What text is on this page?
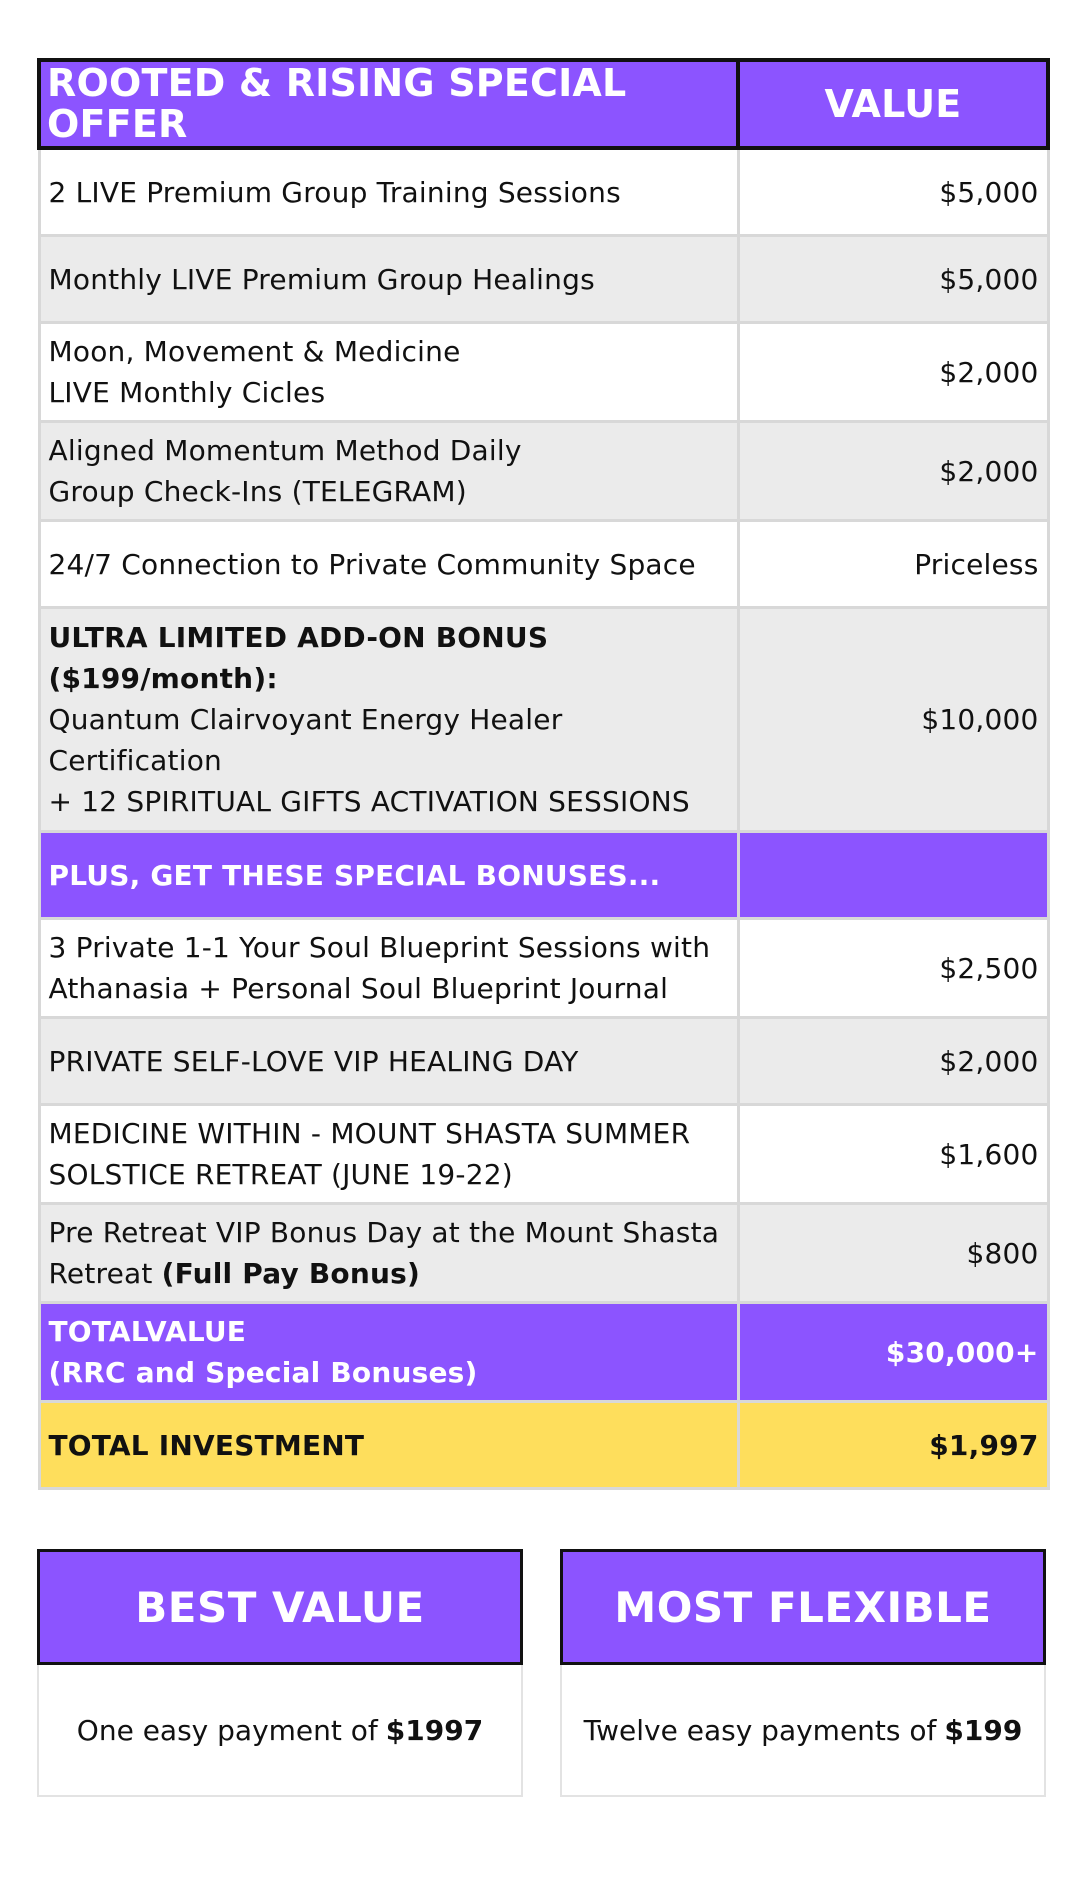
ROOTED & RISING SPECIAL OFFER	VALUE
2 LIVE Premium Group Training Sessions	$5,000
Monthly LIVE Premium Group Healings	$5,000

Moon, Movement & Medicine
LIVE Monthly Cicles	$2,000

Aligned Momentum Method Daily
Group Check-Ins (TELEGRAM)	$2,000
24/7 Connection to Private Community Space	Priceless

ULTRA LIMITED ADD-ON BONUS
($199/month):
Quantum Clairvoyant Energy Healer
Certification
+ 12 SPIRITUAL GIFTS ACTIVATION SESSIONS	$10,000
PLUS, GET THESE SPECIAL BONUSES...	

3 Private 1-1 Your Soul Blueprint Sessions with
Athanasia + Personal Soul Blueprint Journal	$2,500
PRIVATE SELF-LOVE VIP HEALING DAY	$2,000

MEDICINE WITHIN - MOUNT SHASTA SUMMER
SOLSTICE RETREAT (JUNE 19-22)	$1,600

Pre Retreat VIP Bonus Day at the Mount Shasta
Retreat (Full Pay Bonus)	$800

TOTALVALUE
(RRC and Special Bonuses)	$30,000+
TOTAL INVESTMENT	$1,997
BEST VALUE
One easy payment of $1997
MOST FLEXIBLE
Twelve easy payments of $199
